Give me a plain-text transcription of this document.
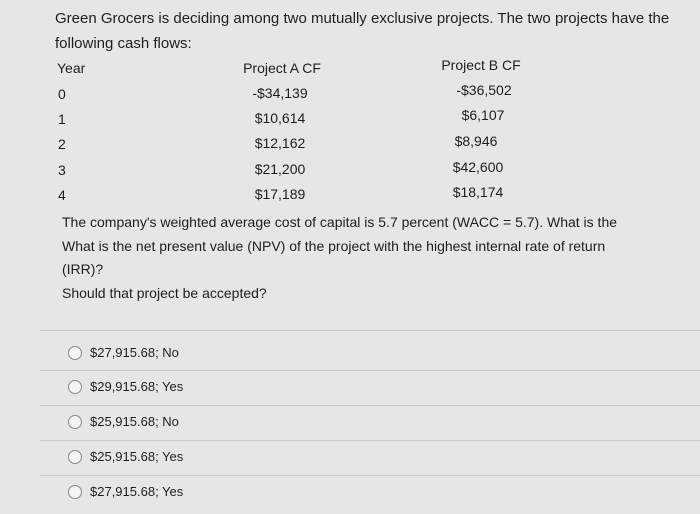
Green Grocers is deciding among two mutually exclusive projects. The two projects have the following cash flows:
Year	Project A CF	Project B CF
0	-$34,139	-$36,502
1	$10,614	$6,107
2	$12,162	$8,946
3	$21,200	$42,600
4	$17,189	$18,174
The company's weighted average cost of capital is 5.7 percent (WACC = 5.7). What is the
What is the net present value (NPV) of the project with the highest internal rate of return
(IRR)?
Should that project be accepted?
$27,915.68; No
$29,915.68; Yes
$25,915.68; No
$25,915.68; Yes
$27,915.68; Yes
